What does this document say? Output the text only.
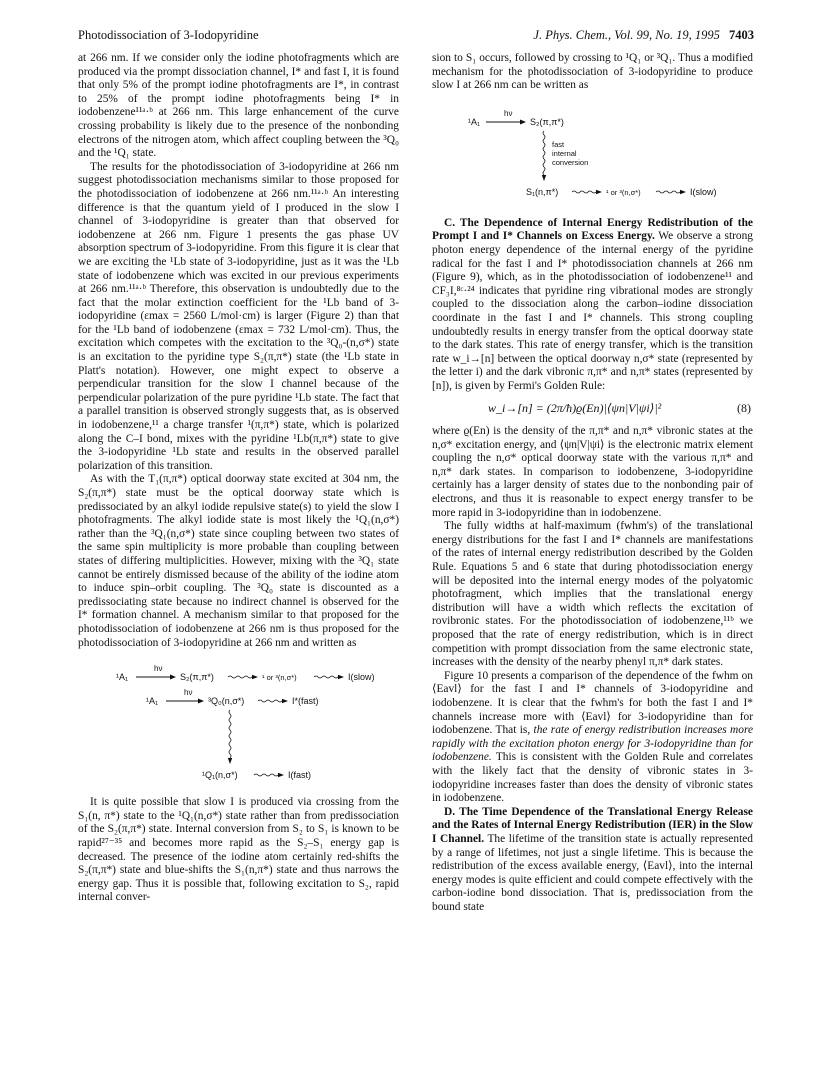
Photodissociation of 3-Iodopyridine	J. Phys. Chem., Vol. 99, No. 19, 1995 7403

at 266 nm. If we consider only the iodine photofragments which are produced via the prompt dissociation channel, I* and fast I, it is found that only 5% of the prompt iodine photofragments are I*, in contrast to 25% of the prompt iodine photofragments being I* in iodobenzene¹¹ᵃ·ᵇ at 266 nm. This large enhancement of the curve crossing probability is likely due to the presence of the nonbonding electrons of the nitrogen atom, which affect coupling between the ³Q₀ and the ¹Q₁ state.

The results for the photodissociation of 3-iodopyridine at 266 nm suggest photodissociation mechanisms similar to those proposed for the photodissociation of iodobenzene at 266 nm.¹¹ᵃ·ᵇ An interesting difference is that the quantum yield of I produced in the slow I channel of 3-iodopyridine is greater than that observed for iodobenzene at 266 nm. Figure 1 presents the gas phase UV absorption spectrum of 3-iodopyridine. From this figure it is clear that we are exciting the ¹Lb state of 3-iodopyridine, just as it was the ¹Lb state of iodobenzene which was excited in our previous experiments at 266 nm.¹¹ᵃ·ᵇ Therefore, this observation is undoubtedly due to the fact that the molar extinction coefficient for the ¹Lb band of 3-iodopyridine (εmax = 2560 L/mol·cm) is larger (Figure 2) than that for the ¹Lb band of iodobenzene (εmax = 732 L/mol·cm). Thus, the excitation which competes with the excitation to the ³Q₀-(n,σ*) state is an excitation to the pyridine type S₂(π,π*) state (the ¹Lb state in Platt's notation). However, one might expect to observe a perpendicular transition for the slow I channel because of the perpendicular polarization of the pure pyridine ¹Lb state. The fact that a parallel transition is observed strongly suggests that, as is observed in iodobenzene,¹¹ a charge transfer ¹(π,π*) state, which is polarized along the C–I bond, mixes with the pyridine ¹Lb(π,π*) state to give the 3-iodopyridine ¹Lb state and results in the observed parallel polarization of this transition.

As with the T₁(π,π*) optical doorway state excited at 304 nm, the S₂(π,π*) state must be the optical doorway state which is predissociated by an alkyl iodide repulsive state(s) to yield the slow I photofragments. The alkyl iodide state is most likely the ¹Q₁(n,σ*) rather than the ³Q₁(n,σ*) state since coupling between two states of the same spin multiplicity is more probable than coupling between states of differing multiplicities. However, mixing with the ³Q₁ state cannot be entirely dismissed because of the ability of the iodine atom to induce spin–orbit coupling. The ³Q₀ state is discounted as a predissociating state because no indirect channel is observed for the I* formation channel. A mechanism similar to that proposed for the photodissociation of iodobenzene at 266 nm is thus proposed for the photodissociation of 3-iodopyridine at 266 nm and written as

¹A₁
hν
S₂(π,π*)	¹ or ³(n,σ*)	I(slow)
¹A₁
hν
³Q₀(n,σ*)	I*(fast)
¹Q₁(n,σ*)	I(fast)

It is quite possible that slow I is produced via crossing from the S₁(n, π*) state to the ¹Q₁(n,σ*) state rather than from predissociation of the S₂(π,π*) state. Internal conversion from S₂ to S₁ is known to be rapid²⁷⁻³⁵ and becomes more rapid as the S₂–S₁ energy gap is decreased. The presence of the iodine atom certainly red-shifts the S₂(π,π*) state and blue-shifts the S₁(n,π*) state and thus narrows the energy gap. Thus it is possible that, following excitation to S₂, rapid internal conver-

sion to S₁ occurs, followed by crossing to ¹Q₁ or ³Q₁. Thus a modified mechanism for the photodissociation of 3-iodopyridine to produce slow I at 266 nm can be written as

¹A₁
hν
S₂(π,π*)
fast
internal
conversion
S₁(n,π*)	¹ or ³(n,σ*)	I(slow)

C. The Dependence of Internal Energy Redistribution of the Prompt I and I* Channels on Excess Energy. We observe a strong photon energy dependence of the internal energy of the pyridine radical for the fast I and I* photodissociation channels at 266 nm (Figure 9), which, as in the photodissociation of iodobenzene¹¹ and CF₃I,⁸ᶜ·²⁴ indicates that pyridine ring vibrational modes are strongly coupled to the dissociation along the carbon–iodine dissociation coordinate in the fast I and I* channels. This strong coupling undoubtedly results in energy transfer from the optical doorway state to the dark states. This rate of energy transfer, which is the transition rate w_i→[n] between the optical doorway n,σ* state (represented by the letter i) and the dark vibronic π,π* and n,π* states (represented by [n]), is given by Fermi's Golden Rule:

w_i→[n] = (2π/ħ)ϱ(En)|⟨ψn|V|ψi⟩|²	(8)

where ϱ(En) is the density of the π,π* and n,π* vibronic states at the n,σ* excitation energy, and ⟨ψn|V|ψi⟩ is the electronic matrix element coupling the n,σ* optical doorway state with the various π,π* and n,π* dark states. In comparison to iodobenzene, 3-iodopyridine certainly has a larger density of states due to the nonbonding pair of electrons, and thus it is reasonable to expect energy transfer to be more rapid in 3-iodopyridine than in iodobenzene.

The fully widths at half-maximum (fwhm's) of the translational energy distributions for the fast I and I* channels are manifestations of the rates of internal energy redistribution described by the Golden Rule. Equations 5 and 6 state that during photodissociation energy will be deposited into the internal energy modes of the polyatomic photofragment, which implies that the translational energy distribution will have a width which reflects the excitation of rovibronic states. For the photodissociation of iodobenzene,¹¹ᵇ we proposed that the rate of energy redistribution, which is in direct competition with prompt dissociation from the same electronic state, increases with the density of the nearby phenyl π,π* dark states.

Figure 10 presents a comparison of the dependence of the fwhm on ⟨Eavl⟩ for the fast I and I* channels of 3-iodopyridine and iodobenzene. It is clear that the fwhm's for both the fast I and I* channels increase more with ⟨Eavl⟩ for 3-iodopyridine than for iodobenzene. That is, the rate of energy redistribution increases more rapidly with the excitation photon energy for 3-iodopyridine than for iodobenzene. This is consistent with the Golden Rule and correlates with the likely fact that the density of vibronic states in 3-iodopyridine increases faster than does the density of vibronic states in iodobenzene.

D. The Time Dependence of the Translational Energy Release and the Rates of Internal Energy Redistribution (IER) in the Slow I Channel. The lifetime of the transition state is actually represented by a range of lifetimes, not just a single lifetime. This is because the redistribution of the excess available energy, ⟨Eavl⟩, into the internal energy modes is quite efficient and could compete effectively with the carbon-iodine bond dissociation. That is, predissociation from the bound state
